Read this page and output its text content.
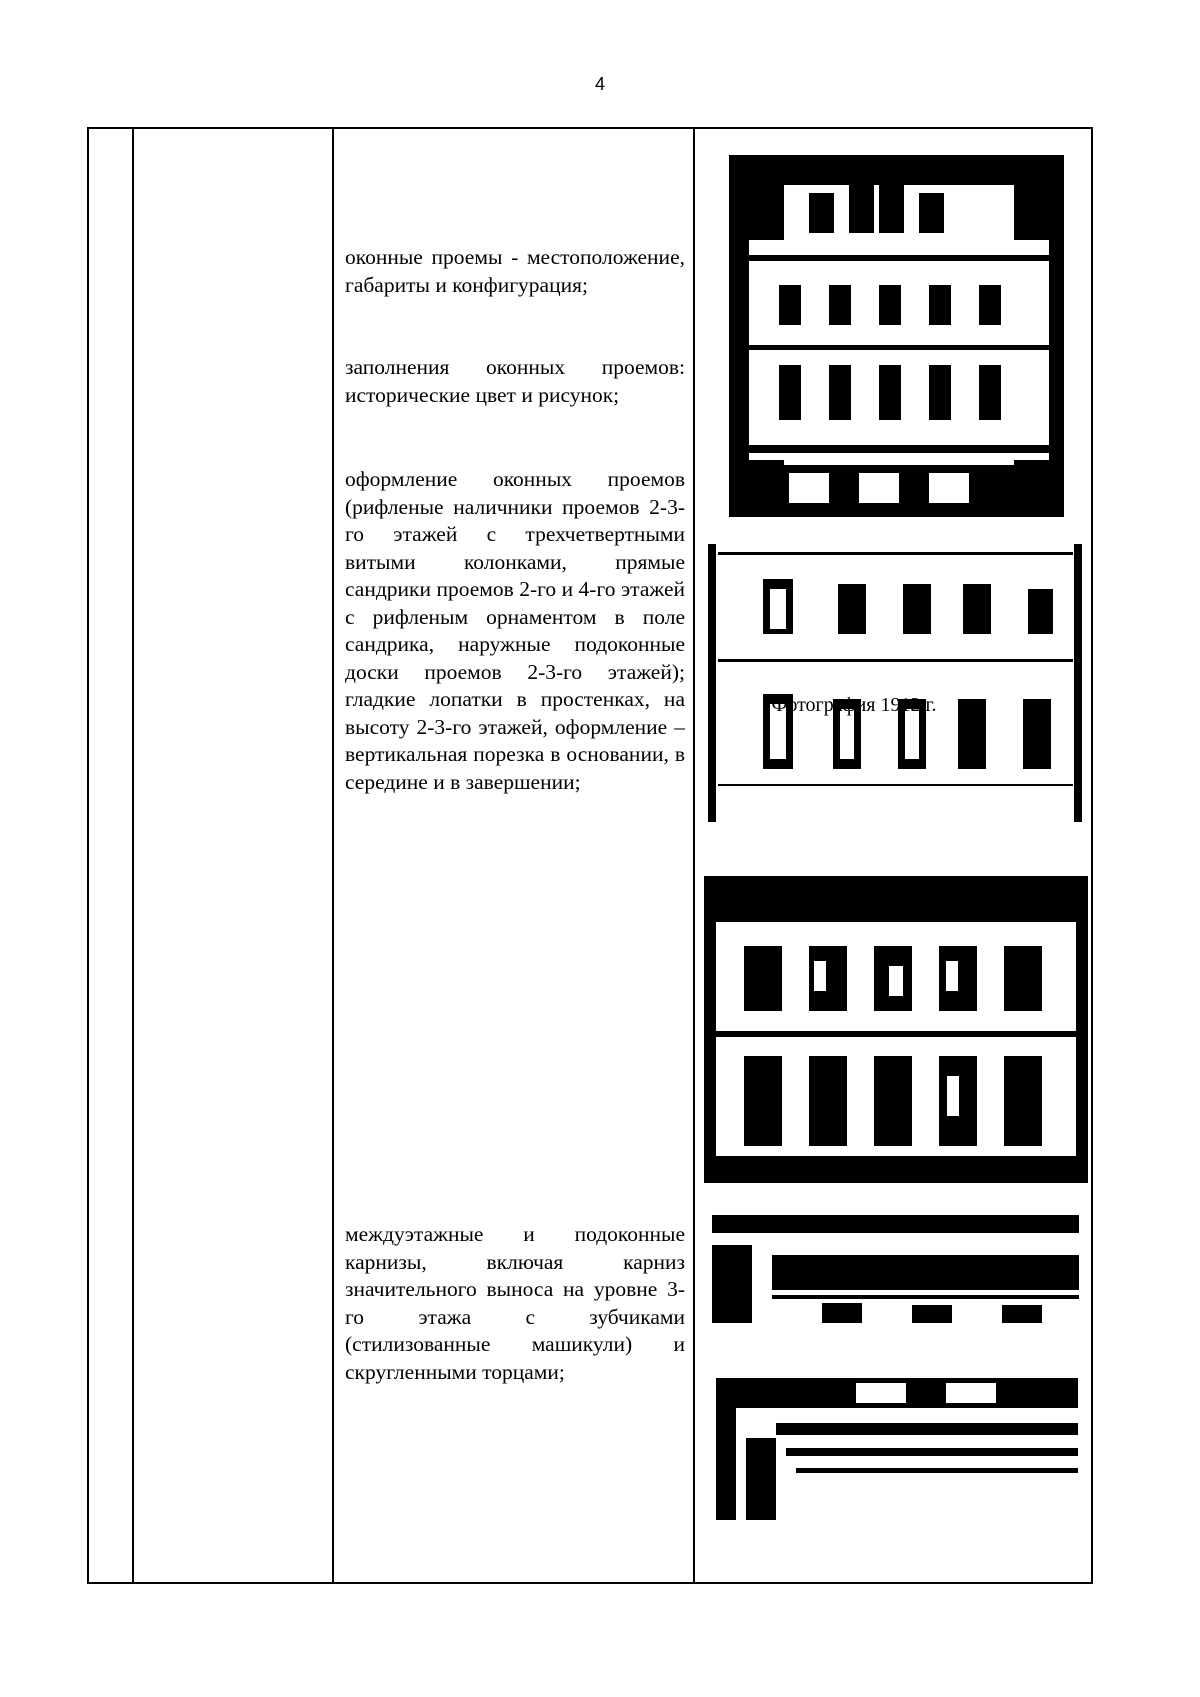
4
оконные проемы - местоположение, габариты и конфигурация;
заполнения оконных проемов: исторические цвет и рисунок;
оформление оконных проемов (рифленые наличники проемов 2-3-го этажей с трехчетвертными витыми колонками, прямые сандрики проемов 2-го и 4-го этажей с рифленым орнаментом в поле сандрика, наружные подоконные доски проемов 2-3-го этажей); гладкие лопатки в простенках, на высоту 2-3-го этажей, оформление – вертикальная порезка в основании, в середине и в завершении;
междуэтажные и подоконные карнизы, включая карниз значительного выноса на уровне 3-го этажа с зубчиками (стилизованные машикули) и скругленными торцами;
Фотография 1912 г.
